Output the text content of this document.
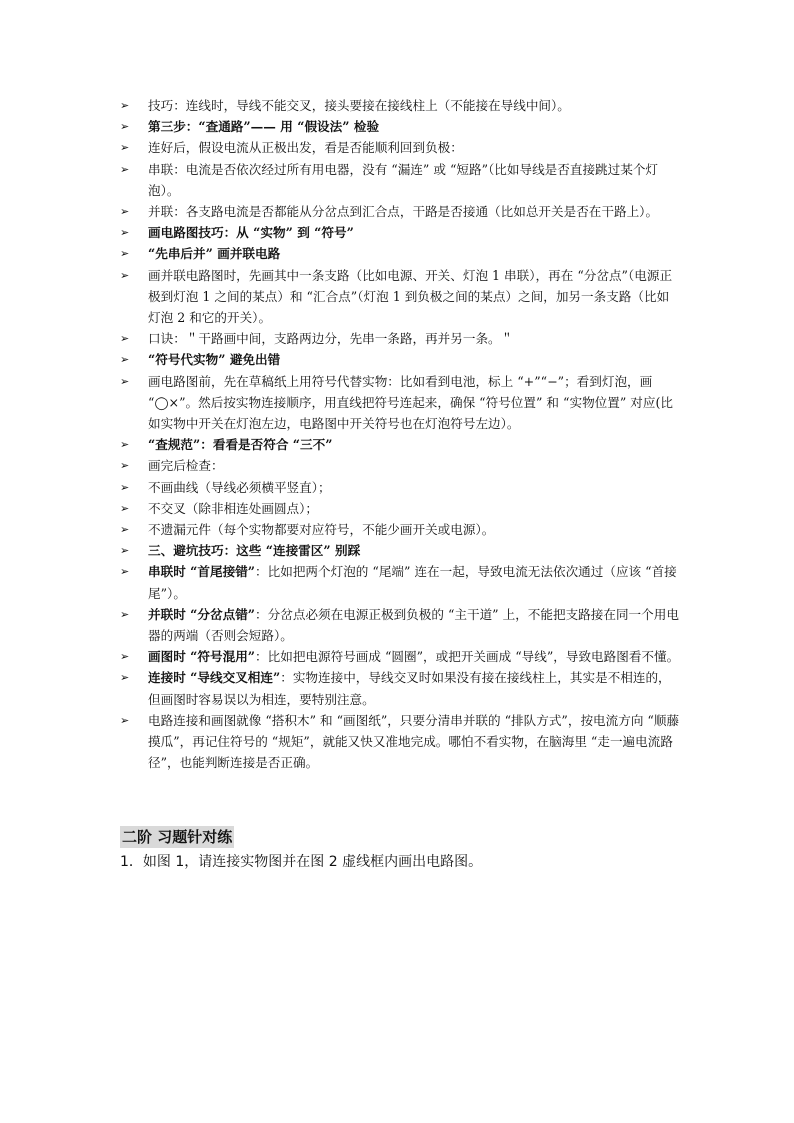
➢	技巧：连线时，导线不能交叉，接头要接在接线柱上（不能接在导线中间）。
➢	第三步：“查通路”—— 用 “假设法” 检验
➢	连好后，假设电流从正极出发，看是否能顺利回到负极：
➢	串联：电流是否依次经过所有用电器，没有 “漏连” 或 “短路”（比如导线是否直接跳过某个灯泡）。
➢	并联：各支路电流是否都能从分岔点到汇合点，干路是否接通（比如总开关是否在干路上）。
➢	画电路图技巧：从 “实物” 到 “符号”
➢	“先串后并” 画并联电路
➢	画并联电路图时，先画其中一条支路（比如电源、开关、灯泡 1 串联），再在 “分岔点”（电源正极到灯泡 1 之间的某点）和 “汇合点”（灯泡 1 到负极之间的某点）之间，加另一条支路（比如灯泡 2 和它的开关）。
➢	口诀：＂干路画中间，支路两边分，先串一条路，再并另一条。＂
➢	“符号代实物” 避免出错
➢	画电路图前，先在草稿纸上用符号代替实物：比如看到电池，标上 “+”“−”；看到灯泡，画 “◯×”。然后按实物连接顺序，用直线把符号连起来，确保 “符号位置” 和 “实物位置” 对应(比如实物中开关在灯泡左边，电路图中开关符号也在灯泡符号左边）。
➢	“查规范”：看看是否符合 “三不”
➢	画完后检查：
➢	不画曲线（导线必须横平竖直）；
➢	不交叉（除非相连处画圆点）；
➢	不遗漏元件（每个实物都要对应符号，不能少画开关或电源）。
➢	三、避坑技巧：这些 “连接雷区” 别踩
➢	串联时 “首尾接错”：比如把两个灯泡的 “尾端” 连在一起，导致电流无法依次通过（应该 “首接尾”）。
➢	并联时 “分岔点错”：分岔点必须在电源正极到负极的 “主干道” 上，不能把支路接在同一个用电器的两端（否则会短路）。
➢	画图时 “符号混用”：比如把电源符号画成 “圆圈”，或把开关画成 “导线”，导致电路图看不懂。
➢	连接时 “导线交叉相连”：实物连接中，导线交叉时如果没有接在接线柱上，其实是不相连的，但画图时容易误以为相连，要特别注意。
➢	电路连接和画图就像 “搭积木” 和 “画图纸”，只要分清串并联的 “排队方式”，按电流方向 “顺藤摸瓜”，再记住符号的 “规矩”，就能又快又准地完成。哪怕不看实物，在脑海里 “走一遍电流路径”，也能判断连接是否正确。
二阶 习题针对练

1．如图 1，请连接实物图并在图 2 虚线框内画出电路图。
